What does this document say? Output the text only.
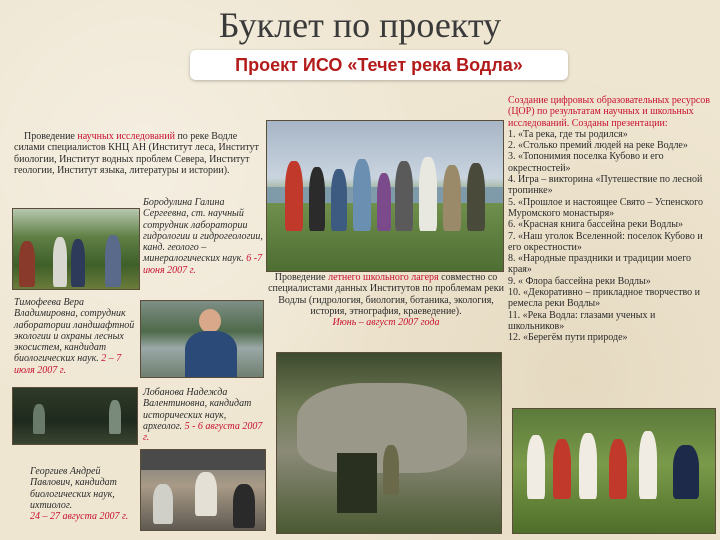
Буклет по проекту
Проект ИСО «Течет река Водла»
Проведение научных исследований по реке Водле силами специалистов КНЦ АН (Институт леса, Институт биологии, Институт водных проблем Севера, Институт геологии, Институт языка, литературы и истории).
Бородулина Галина Сергеевна, ст. научный сотрудник лаборатории гидрологии и гидрогеологии, канд. геолого – минералогических наук. 6 -7 июня 2007 г.
Тимофеева Вера Владимировна, сотрудник лаборатории ландшафтной экологии и охраны лесных экосистем, кандидат биологических наук. 2 – 7 июля 2007 г.
Лобанова Надежда Валентиновна, кандидат исторических наук, археолог. 5 - 6 августа 2007 г.
Георгиев Андрей Павлович, кандидат биологических наук, ихтиолог.
24 – 27 августа 2007 г.
Проведение летнего школьного лагеря совместно со специалистами данных Институтов по проблемам реки Водлы (гидрология, биология, ботаника, экология, история, этнография, краеведение).
Июнь – август 2007 года
Создание цифровых образовательных ресурсов (ЦОР) по результатам научных и школьных исследований. Созданы презентации:
1. «Та река, где ты родился»
2. «Столько премий людей на реке Водле»
3. «Топонимия поселка Кубово и его окрестностей»
4. Игра – викторина «Путешествие по лесной тропинке»
5. «Прошлое и настоящее Свято – Успенского Муромского монастыря»
6. «Красная книга бассейна реки Водлы»
7. «Наш уголок Вселенной: поселок Кубово и его окрестности»
8. «Народные праздники и традиции моего края»
9. « Флора бассейна реки Водлы»
10. «Декоративно – прикладное творчество и ремесла реки Водлы»
11. «Река Водла: глазами ученых и школьников»
12. «Берегём пути природе»
